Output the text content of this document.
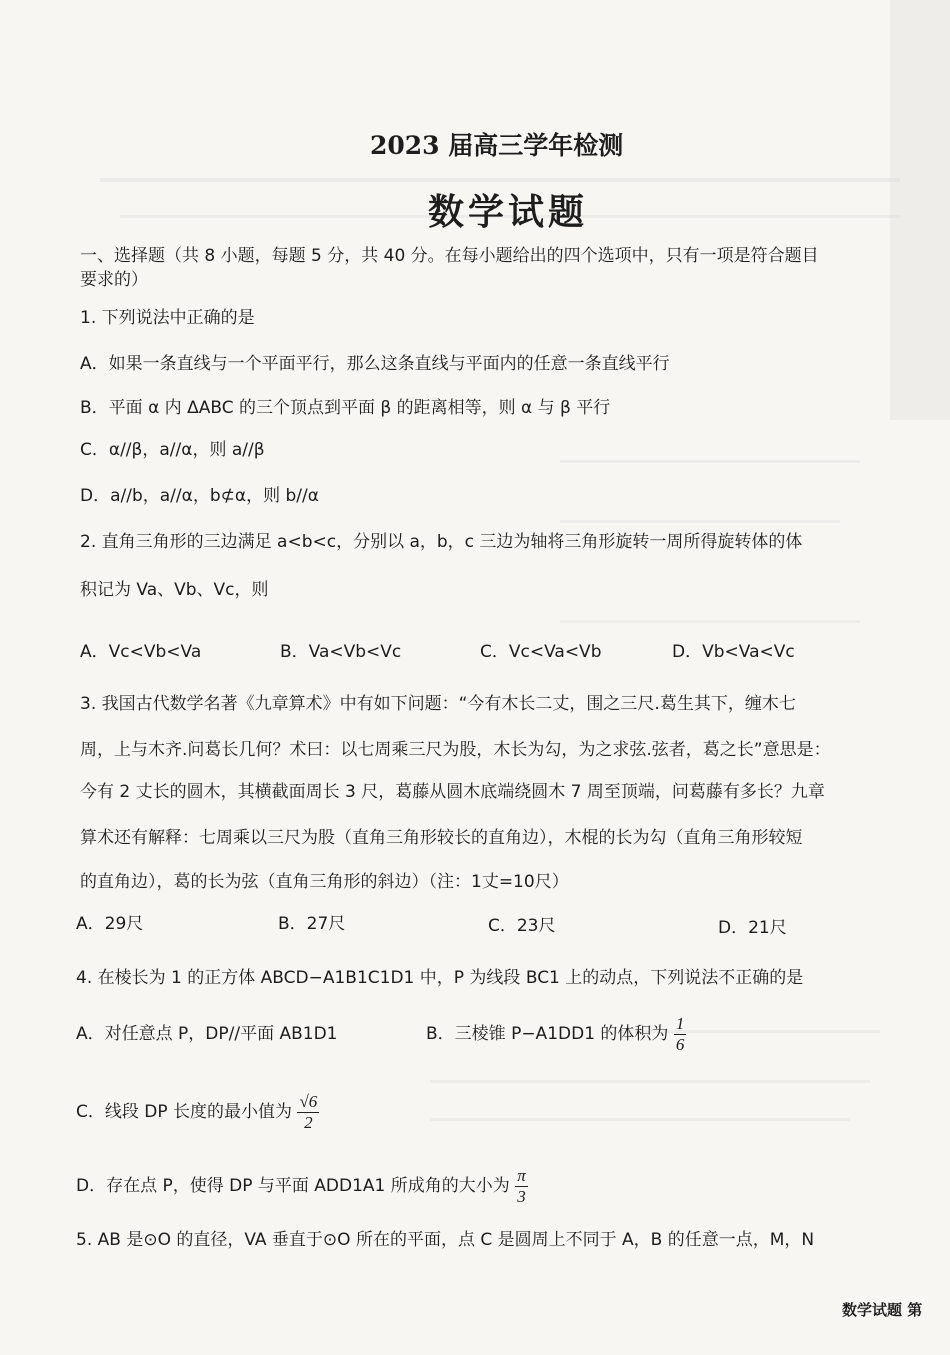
2023 届高三学年检测
数学试题
一、选择题（共 8 小题，每题 5 分，共 40 分。在每小题给出的四个选项中，只有一项是符合题目
要求的）
1. 下列说法中正确的是
A．如果一条直线与一个平面平行，那么这条直线与平面内的任意一条直线平行
B．平面 α 内 ΔABC 的三个顶点到平面 β 的距离相等，则 α 与 β 平行
C．α//β，a//α，则 a//β
D．a//b，a//α，b⊄α，则 b//α
2. 直角三角形的三边满足 a<b<c，分别以 a，b，c 三边为轴将三角形旋转一周所得旋转体的体
积记为 Va、Vb、Vc，则
A．Vc<Vb<Va	B．Va<Vb<Vc	C．Vc<Va<Vb	D．Vb<Va<Vc
3. 我国古代数学名著《九章算术》中有如下问题：“今有木长二丈，围之三尺.葛生其下，缠木七
周，上与木齐.问葛长几何？术曰：以七周乘三尺为股，木长为勾，为之求弦.弦者，葛之长”意思是：
今有 2 丈长的圆木，其横截面周长 3 尺，葛藤从圆木底端绕圆木 7 周至顶端，问葛藤有多长？九章
算术还有解释：七周乘以三尺为股（直角三角形较长的直角边），木棍的长为勾（直角三角形较短
的直角边），葛的长为弦（直角三角形的斜边）（注：1丈=10尺）
A．29尺	B．27尺	C．23尺	D．21尺
4. 在棱长为 1 的正方体 ABCD−A1B1C1D1 中，P 为线段 BC1 上的动点，下列说法不正确的是
A．对任意点 P，DP//平面 AB1D1	B．三棱锥 P−A1DD1 的体积为 $\frac{1}{6}$
C．线段 DP 长度的最小值为 $\frac{√6}{2}$
D．存在点 P，使得 DP 与平面 ADD1A1 所成角的大小为 $\frac{\pi}{3}$
5. AB 是⊙O 的直径，VA 垂直于⊙O 所在的平面，点 C 是圆周上不同于 A，B 的任意一点，M，N
数学试题 第
